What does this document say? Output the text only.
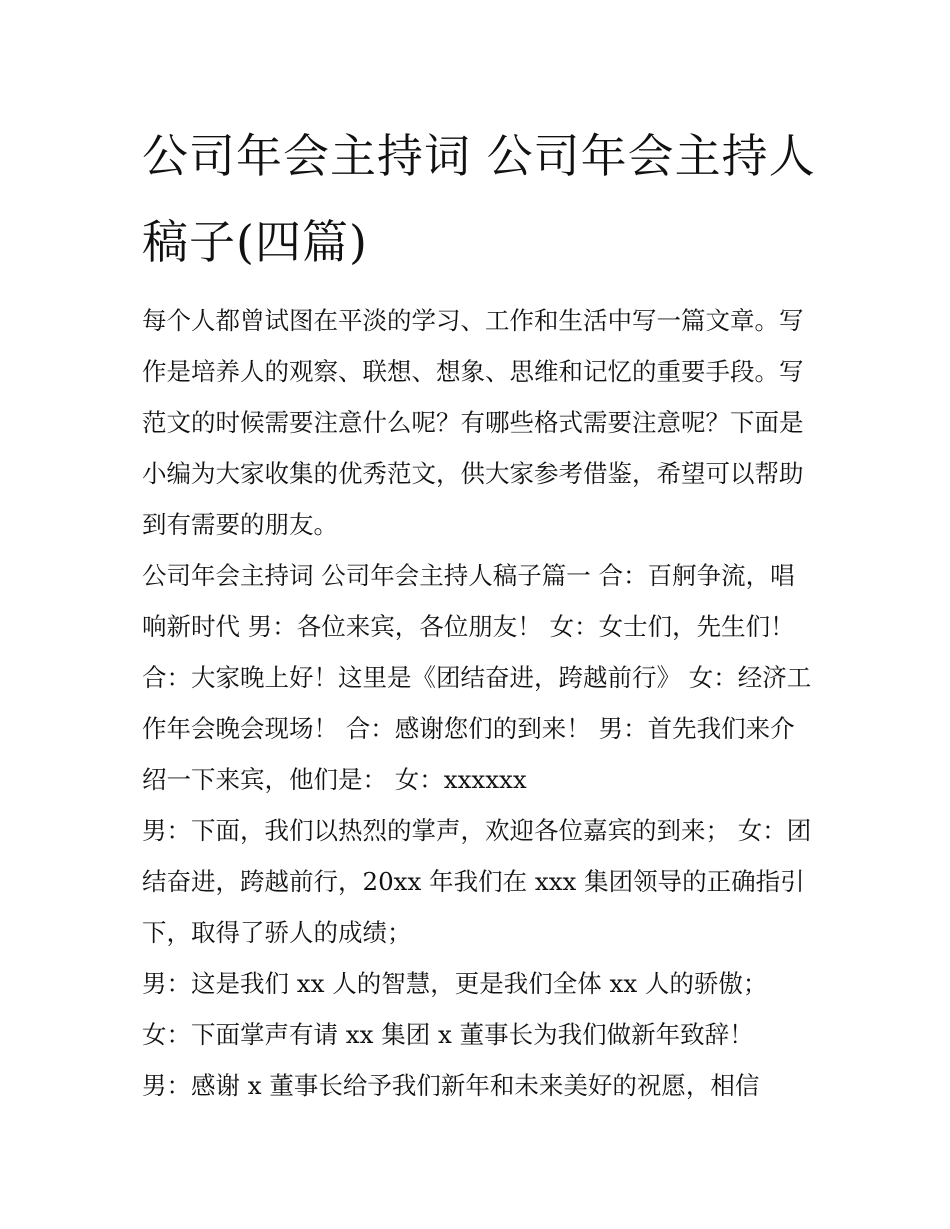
公司年会主持词 公司年会主持人稿子(四篇)

每个人都曾试图在平淡的学习、工作和生活中写一篇文章。写作是培养人的观察、联想、想象、思维和记忆的重要手段。写范文的时候需要注意什么呢？有哪些格式需要注意呢？下面是小编为大家收集的优秀范文，供大家参考借鉴，希望可以帮助到有需要的朋友。

公司年会主持词 公司年会主持人稿子篇一 合：百舸争流，唱响新时代 男：各位来宾，各位朋友！ 女：女士们，先生们！ 合：大家晚上好！这里是《团结奋进，跨越前行》 女：经济工作年会晚会现场！ 合：感谢您们的到来！ 男：首先我们来介绍一下来宾，他们是： 女：xxxxxx

男：下面，我们以热烈的掌声，欢迎各位嘉宾的到来； 女：团结奋进，跨越前行，20xx 年我们在 xxx 集团领导的正确指引下，取得了骄人的成绩；

男：这是我们 xx 人的智慧，更是我们全体 xx 人的骄傲； 女：下面掌声有请 xx 集团 x 董事长为我们做新年致辞！

男：感谢 x 董事长给予我们新年和未来美好的祝愿，相信
